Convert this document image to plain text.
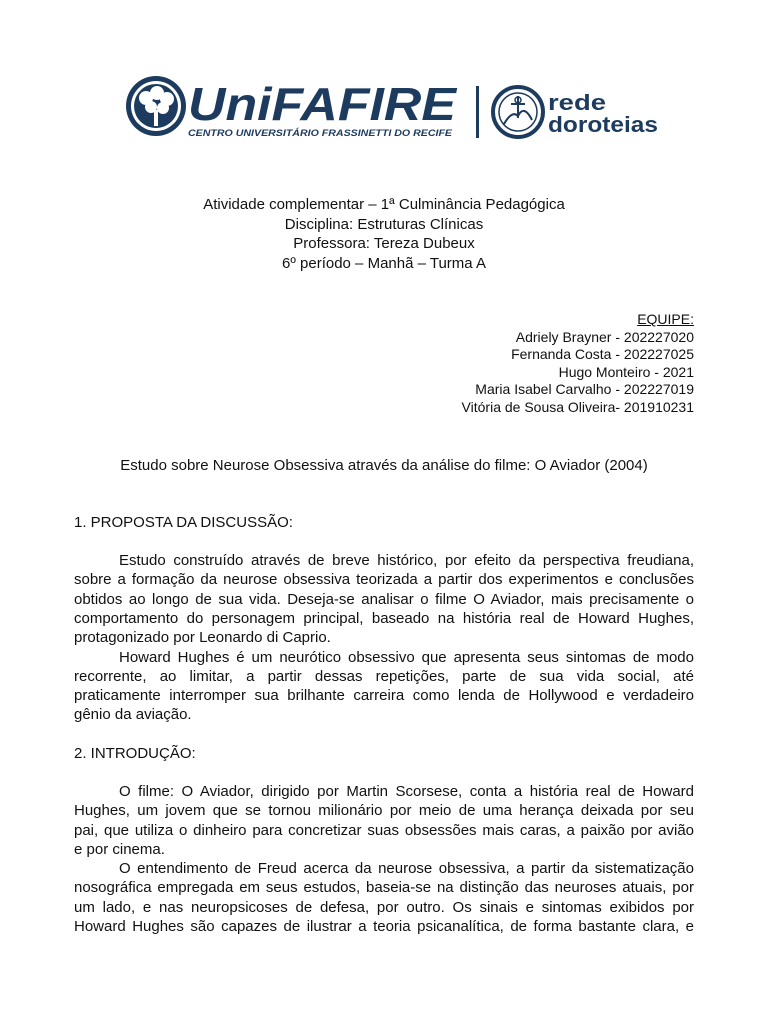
UniFAFIRE
CENTRO UNIVERSITÁRIO FRASSINETTI DO RECIFE
rede
doroteias
Atividade complementar – 1ª Culminância Pedagógica
Disciplina: Estruturas Clínicas
Professora: Tereza Dubeux
6º período – Manhã – Turma A
EQUIPE:
Adriely Brayner - 202227020
Fernanda Costa - 202227025
Hugo Monteiro - 2021
Maria Isabel Carvalho - 202227019
Vitória de Sousa Oliveira- 201910231
Estudo sobre Neurose Obsessiva através da análise do filme: O Aviador (2004)
1. PROPOSTA DA DISCUSSÃO:
Estudo construído através de breve histórico, por efeito da perspectiva freudiana,
sobre a formação da neurose obsessiva teorizada a partir dos experimentos e conclusões
obtidos ao longo de sua vida. Deseja-se analisar o filme O Aviador, mais precisamente o
comportamento do personagem principal, baseado na história real de Howard Hughes,
protagonizado por Leonardo di Caprio.
Howard Hughes é um neurótico obsessivo que apresenta seus sintomas de modo
recorrente, ao limitar, a partir dessas repetições, parte de sua vida social, até
praticamente interromper sua brilhante carreira como lenda de Hollywood e verdadeiro
gênio da aviação.
2. INTRODUÇÃO:
O filme: O Aviador, dirigido por Martin Scorsese, conta a história real de Howard
Hughes, um jovem que se tornou milionário por meio de uma herança deixada por seu
pai, que utiliza o dinheiro para concretizar suas obsessões mais caras, a paixão por avião
e por cinema.
O entendimento de Freud acerca da neurose obsessiva, a partir da sistematização
nosográfica empregada em seus estudos, baseia-se na distinção das neuroses atuais, por
um lado, e nas neuropsicoses de defesa, por outro. Os sinais e sintomas exibidos por
Howard Hughes são capazes de ilustrar a teoria psicanalítica, de forma bastante clara, e
